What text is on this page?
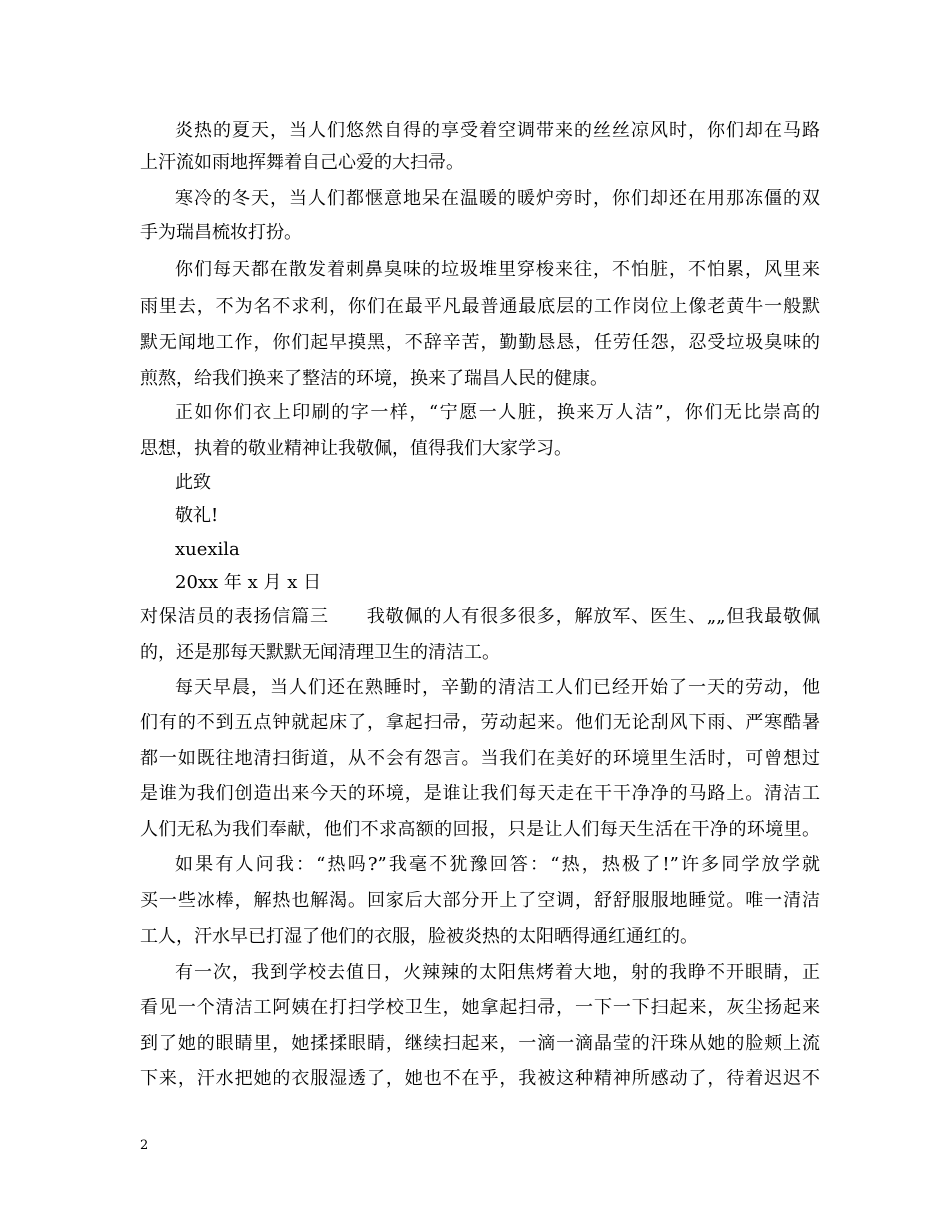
炎热的夏天，当人们悠然自得的享受着空调带来的丝丝凉风时，你们却在马路
上汗流如雨地挥舞着自己心爱的大扫帚。
寒冷的冬天，当人们都惬意地呆在温暖的暖炉旁时，你们却还在用那冻僵的双
手为瑞昌梳妆打扮。
你们每天都在散发着刺鼻臭味的垃圾堆里穿梭来往，不怕脏，不怕累，风里来
雨里去，不为名不求利，你们在最平凡最普通最底层的工作岗位上像老黄牛一般默
默无闻地工作，你们起早摸黑，不辞辛苦，勤勤恳恳，任劳任怨，忍受垃圾臭味的
煎熬，给我们换来了整洁的环境，换来了瑞昌人民的健康。
正如你们衣上印刷的字一样，“宁愿一人脏，换来万人洁”，你们无比崇高的
思想，执着的敬业精神让我敬佩，值得我们大家学习。
此致
敬礼!
xuexila
20xx 年 x 月 x 日
对保洁员的表扬信篇三　　我敬佩的人有很多很多，解放军、医生、„„但我最敬佩
的，还是那每天默默无闻清理卫生的清洁工。
每天早晨，当人们还在熟睡时，辛勤的清洁工人们已经开始了一天的劳动，他
们有的不到五点钟就起床了，拿起扫帚，劳动起来。他们无论刮风下雨、严寒酷暑
都一如既往地清扫街道，从不会有怨言。当我们在美好的环境里生活时，可曾想过
是谁为我们创造出来今天的环境，是谁让我们每天走在干干净净的马路上。清洁工
人们无私为我们奉献，他们不求高额的回报，只是让人们每天生活在干净的环境里。
如果有人问我：“热吗?”我毫不犹豫回答：“热，热极了!”许多同学放学就
买一些冰棒，解热也解渴。回家后大部分开上了空调，舒舒服服地睡觉。唯一清洁
工人，汗水早已打湿了他们的衣服，脸被炎热的太阳晒得通红通红的。
有一次，我到学校去值日，火辣辣的太阳焦烤着大地，射的我睁不开眼睛，正
看见一个清洁工阿姨在打扫学校卫生，她拿起扫帚，一下一下扫起来，灰尘扬起来
到了她的眼睛里，她揉揉眼睛，继续扫起来，一滴一滴晶莹的汗珠从她的脸颊上流
下来，汗水把她的衣服湿透了，她也不在乎，我被这种精神所感动了，待着迟迟不
2
